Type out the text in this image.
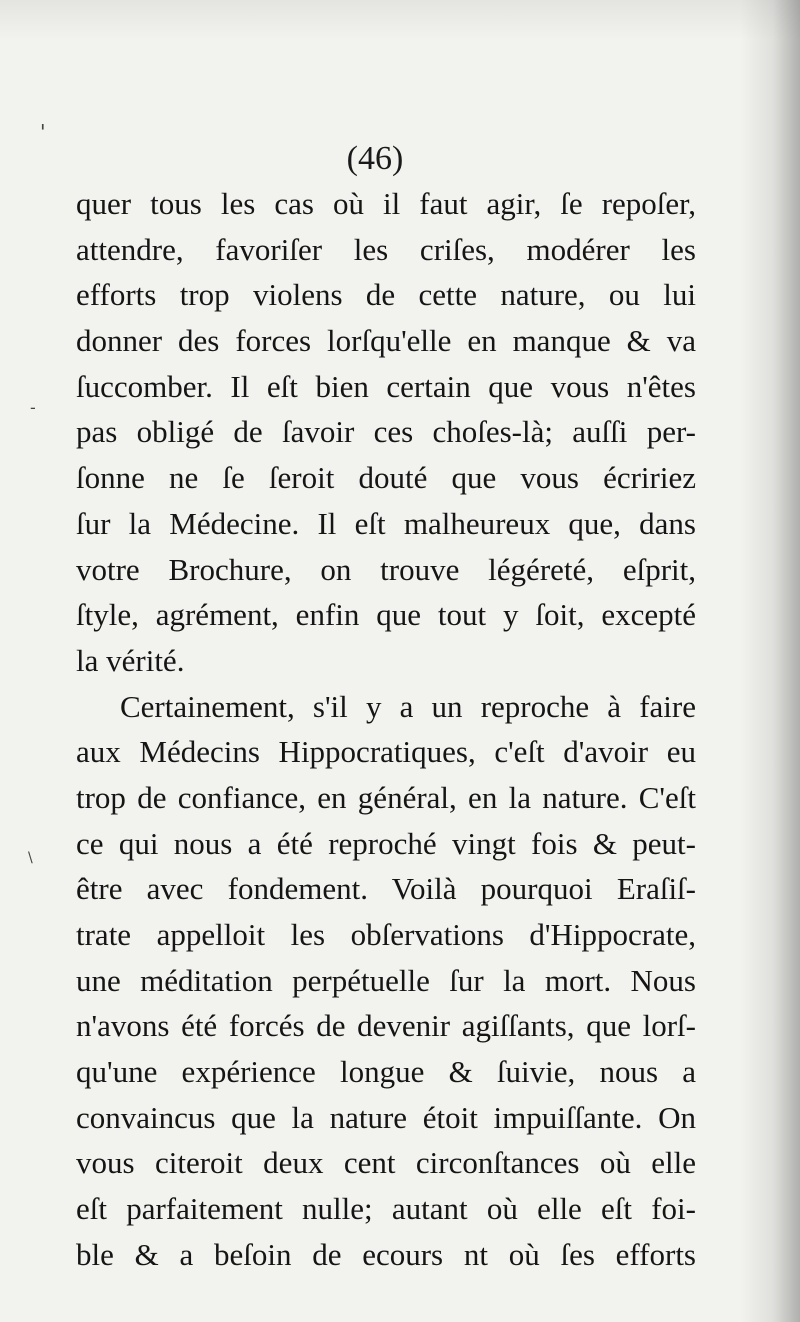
'
-
\
(46)
quer tous les cas où il faut agir, ſe repoſer,
attendre, favoriſer les criſes, modérer les
efforts trop violens de cette nature, ou lui
donner des forces lorſqu'elle en manque & va
ſuccomber. Il eſt bien certain que vous n'êtes
pas obligé de ſavoir ces choſes-là; auſſi per-
ſonne ne ſe ſeroit douté que vous écririez
ſur la Médecine. Il eſt malheureux que, dans
votre Brochure, on trouve légéreté, eſprit,
ſtyle, agrément, enfin que tout y ſoit, excepté
la vérité.
Certainement, s'il y a un reproche à faire
aux Médecins Hippocratiques, c'eſt d'avoir eu
trop de confiance, en général, en la nature. C'eſt
ce qui nous a été reproché vingt fois & peut-
être avec fondement. Voilà pourquoi Eraſiſ-
trate appelloit les obſervations d'Hippocrate,
une méditation perpétuelle ſur la mort. Nous
n'avons été forcés de devenir agiſſants, que lorſ-
qu'une expérience longue & ſuivie, nous a
convaincus que la nature étoit impuiſſante. On
vous citeroit deux cent circonſtances où elle
eſt parfaitement nulle; autant où elle eſt foi-
ble & a beſoin de ecours nt où ſes efforts
